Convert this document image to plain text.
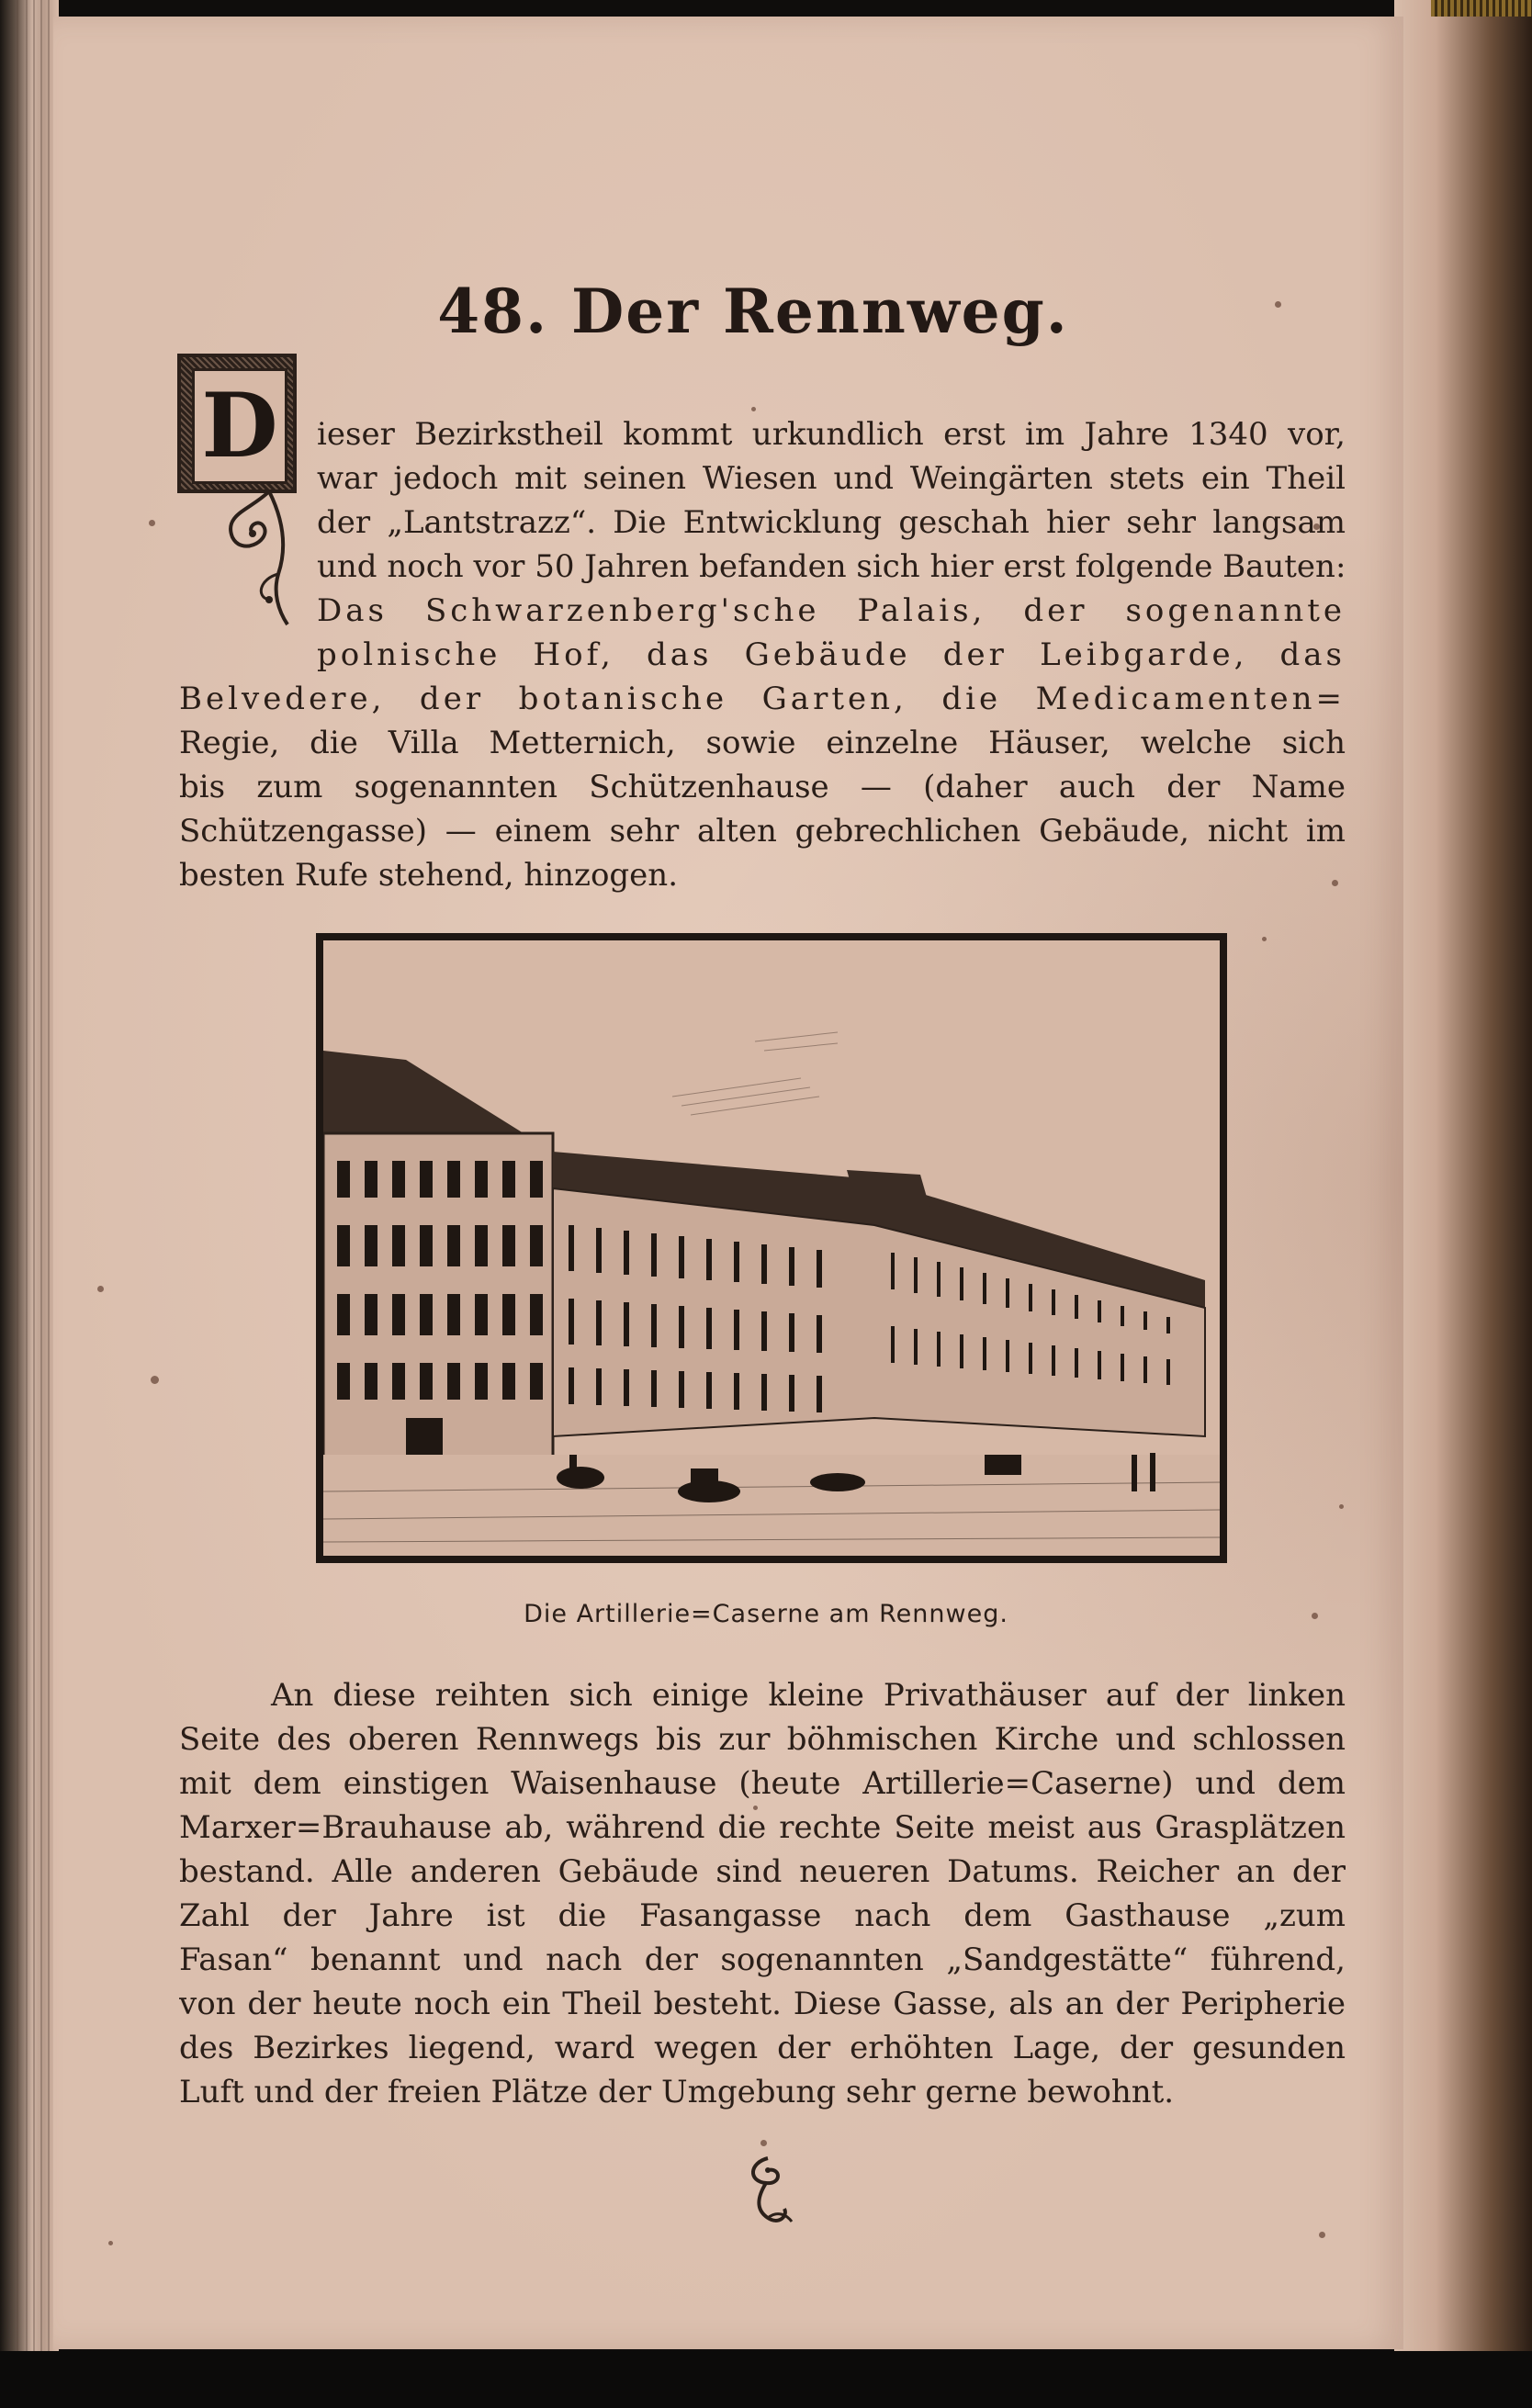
48. Der Rennweg.
D ieser Bezirkstheil kommt urkundlich erst im Jahre 1340 vor,
war jedoch mit seinen Wiesen und Weingärten stets ein Theil
der „Lantstrazz“. Die Entwicklung geschah hier sehr langsam
und noch vor 50 Jahren befanden sich hier erst folgende Bauten:
Das Schwarzenberg'sche Palais, der sogenannte
polnische Hof, das Gebäude der Leibgarde, das
Belvedere, der botanische Garten, die Medicamenten=
Regie, die Villa Metternich, sowie einzelne Häuser, welche sich
bis zum sogenannten Schützenhause — (daher auch der Name
Schützengasse) — einem sehr alten gebrechlichen Gebäude, nicht im
besten Rufe stehend, hinzogen.

Die Artillerie=Caserne am Rennweg.

An diese reihten sich einige kleine Privathäuser auf der linken
Seite des oberen Rennwegs bis zur böhmischen Kirche und schlossen
mit dem einstigen Waisenhause (heute Artillerie=Caserne) und dem
Marxer=Brauhause ab, während die rechte Seite meist aus Grasplätzen
bestand. Alle anderen Gebäude sind neueren Datums. Reicher an der
Zahl der Jahre ist die Fasangasse nach dem Gasthause „zum
Fasan“ benannt und nach der sogenannten „Sandgestätte“ führend,
von der heute noch ein Theil besteht. Diese Gasse, als an der Peripherie
des Bezirkes liegend, ward wegen der erhöhten Lage, der gesunden
Luft und der freien Plätze der Umgebung sehr gerne bewohnt.
